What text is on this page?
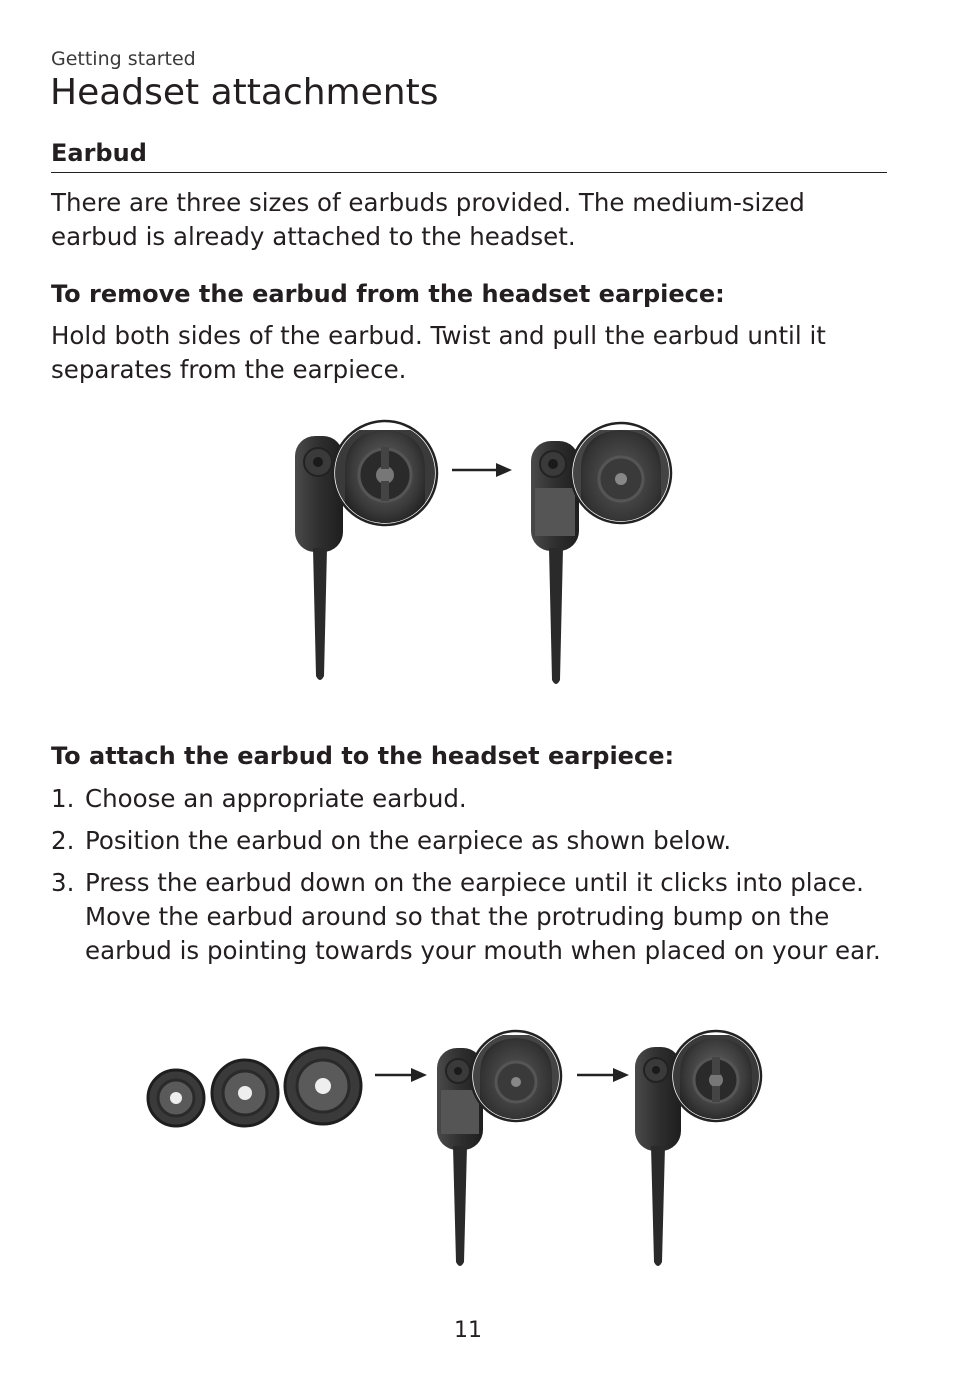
Getting started
Headset attachments
Earbud
There are three sizes of earbuds provided. The medium-sized earbud is already attached to the headset.
To remove the earbud from the headset earpiece:
Hold both sides of the earbud. Twist and pull the earbud until it separates from the earpiece.
To attach the earbud to the headset earpiece:
1. Choose an appropriate earbud.
2. Position the earbud on the earpiece as shown below.
3. Press the earbud down on the earpiece until it clicks into place. Move the earbud around so that the protruding bump on the earbud is pointing towards your mouth when placed on your ear.
11
